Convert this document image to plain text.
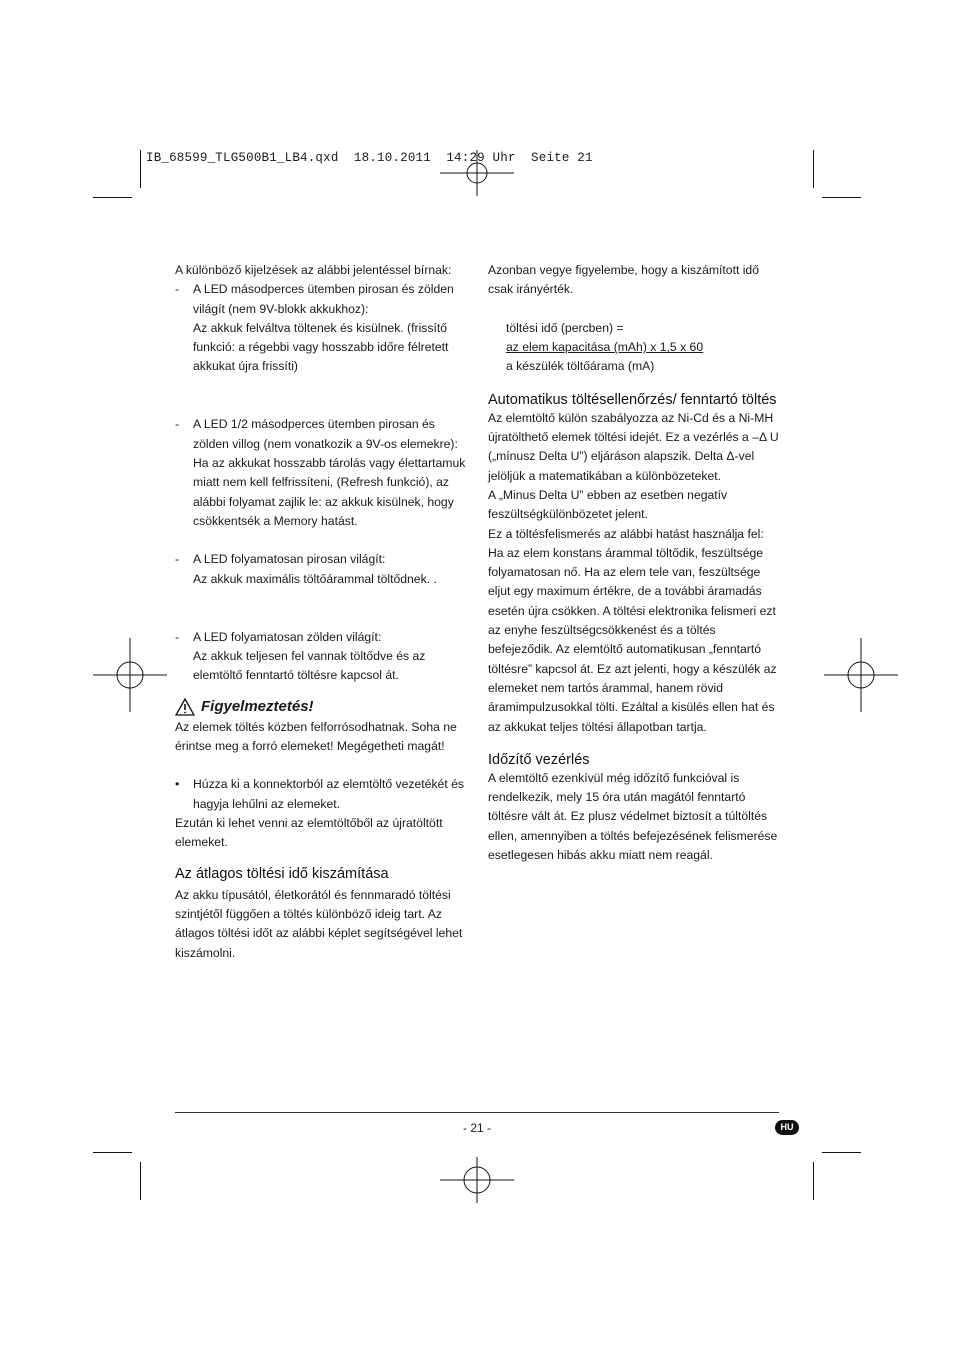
IB_68599_TLG500B1_LB4.qxd  18.10.2011  14:29 Uhr  Seite 21

A különböző kijelzések az alábbi jelentéssel bírnak:

- A LED másodperces ütemben pirosan és zölden világít (nem 9V-blokk akkukhoz):

Az akkuk felváltva töltenek és kisülnek. (frissítő funkció: a régebbi vagy hosszabb időre félretett akkukat újra frissíti)

- A LED 1/2 másodperces ütemben pirosan és zölden villog (nem vonatkozik a 9V-os elemekre): Ha az akkukat hosszabb tárolás vagy élettartamuk miatt nem kell felfrissíteni, (Refresh funkció), az alábbi folyamat zajlik le: az akkuk kisülnek, hogy csökkentsék a Memory hatást.

- A LED folyamatosan pirosan világít:

Az akkuk maximális töltőárammal töltődnek. .

- A LED folyamatosan zölden világít:

Az akkuk teljesen fel vannak töltődve és az elemtöltő fenntartó töltésre kapcsol át.

Figyelmeztetés!

Az elemek töltés közben felforrósodhatnak. Soha ne érintse meg a forró elemeket! Megégetheti magát!

• Húzza ki a konnektorból az elemtöltő vezetékét és hagyja lehűlni az elemeket.

Ezután ki lehet venni az elemtöltőből az újratöltött elemeket.

Az átlagos töltési idő kiszámítása

Az akku típusától, életkorától és fennmaradó töltési szintjétől függően a töltés különböző ideig tart. Az átlagos töltési időt az alábbi képlet segítségével lehet kiszámolni.

Azonban vegye figyelembe, hogy a kiszámított idő csak irányérték.

töltési idő (percben) =

az elem kapacitása (mAh) x 1,5 x 60

a készülék töltőárama (mA)

Automatikus töltésellenőrzés/ fenntartó töltés

Az elemtöltő külön szabályozza az Ni-Cd és a Ni-MH újratölthető elemek töltési idejét. Ez a vezérlés a –Δ U („mínusz Delta U”) eljáráson alapszik. Delta Δ-vel jelöljük a matematikában a különbözeteket.

A „Minus Delta U” ebben az esetben negatív feszültségkülönbözetet jelent.

Ez a töltésfelismerés az alábbi hatást használja fel: Ha az elem konstans árammal töltődik, feszültsége folyamatosan nő. Ha az elem tele van, feszültsége eljut egy maximum értékre, de a további áramadás esetén újra csökken. A töltési elektronika felismeri ezt az enyhe feszültségcsökkenést és a töltés befejeződik. Az elemtöltő automatikusan „fenntartó töltésre” kapcsol át. Ez azt jelenti, hogy a készülék az elemeket nem tartós árammal, hanem rövid áramimpulzusokkal tölti. Ezáltal a kisülés ellen hat és az akkukat teljes töltési állapotban tartja.

Időzítő vezérlés

A elemtöltő ezenkívül még időzítő funkcióval is rendelkezik, mely 15 óra után magától fenntartó töltésre vált át. Ez plusz védelmet biztosít a túltöltés ellen, amennyiben a töltés befejezésének felismerése esetlegesen hibás akku miatt nem reagál.

- 21 -	HU
